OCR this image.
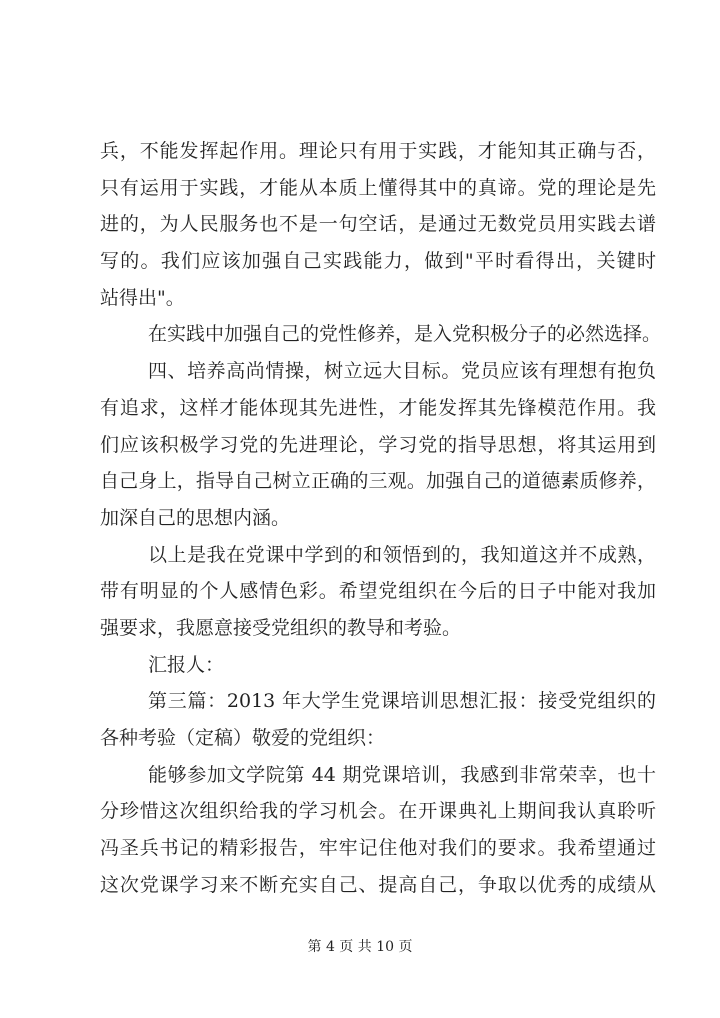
兵，不能发挥起作用。理论只有用于实践，才能知其正确与否，
只有运用于实践，才能从本质上懂得其中的真谛。党的理论是先
进的，为人民服务也不是一句空话，是通过无数党员用实践去谱
写的。我们应该加强自己实践能力，做到"平时看得出，关键时
站得出"。
在实践中加强自己的党性修养，是入党积极分子的必然选择。
四、培养高尚情操，树立远大目标。党员应该有理想有抱负
有追求，这样才能体现其先进性，才能发挥其先锋模范作用。我
们应该积极学习党的先进理论，学习党的指导思想，将其运用到
自己身上，指导自己树立正确的三观。加强自己的道德素质修养，
加深自己的思想内涵。
以上是我在党课中学到的和领悟到的，我知道这并不成熟，
带有明显的个人感情色彩。希望党组织在今后的日子中能对我加
强要求，我愿意接受党组织的教导和考验。
汇报人：
第三篇：2013 年大学生党课培训思想汇报：接受党组织的
各种考验（定稿）敬爱的党组织：
能够参加文学院第 44 期党课培训，我感到非常荣幸，也十
分珍惜这次组织给我的学习机会。在开课典礼上期间我认真聆听
冯圣兵书记的精彩报告，牢牢记住他对我们的要求。我希望通过
这次党课学习来不断充实自己、提高自己，争取以优秀的成绩从
第 4 页 共 10 页
